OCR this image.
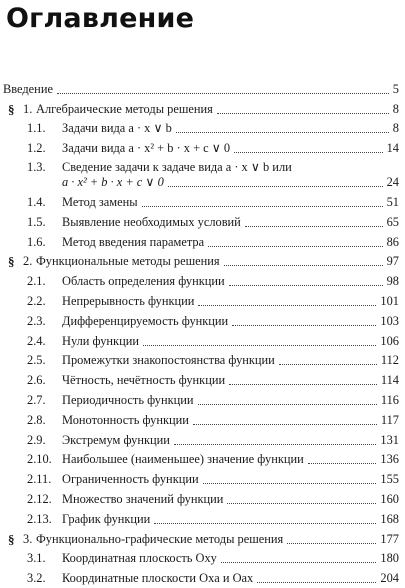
Оглавление
Введение	5
§ 1. Алгебраические методы решения	8
1.1. Задачи вида a · x ∨ b	8
1.2. Задачи вида a · x² + b · x + c ∨ 0	14
1.3. Сведение задачи к задаче вида a · x ∨ b или
a · x² + b · x + c ∨ 0	24
1.4. Метод замены	51
1.5. Выявление необходимых условий	65
1.6. Метод введения параметра	86
§ 2. Функциональные методы решения	97
2.1. Область определения функции	98
2.2. Непрерывность функции	101
2.3. Дифференцируемость функции	103
2.4. Нули функции	106
2.5. Промежутки знакопостоянства функции	112
2.6. Чётность, нечётность функции	114
2.7. Периодичность функции	116
2.8. Монотонность функции	117
2.9. Экстремум функции	131
2.10. Наибольшее (наименьшее) значение функции	136
2.11. Ограниченность функции	155
2.12. Множество значений функции	160
2.13. График функции	168
§ 3. Функционально-графические методы решения	177
3.1. Координатная плоскость Oxy	180
3.2. Координатные плоскости Oxa и Oax	204
